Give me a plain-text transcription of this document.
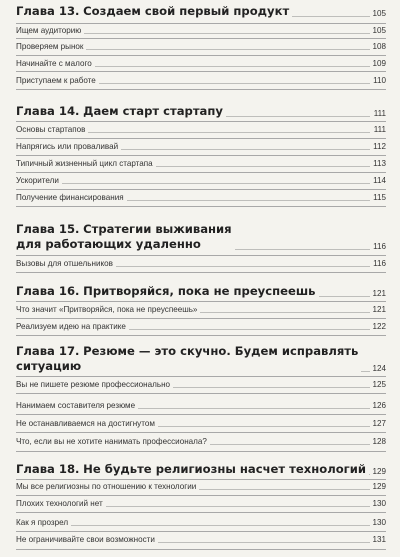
Глава 13. Создаем свой первый продукт	105
Ищем аудиторию	105
Проверяем рынок	108
Начинайте с малого	109
Приступаем к работе	110
Глава 14. Даем старт стартапу	111
Основы стартапов	111
Напрягись или проваливай	112
Типичный жизненный цикл стартапа	113
Ускорители	114
Получение финансирования	115
Глава 15. Стратегии выживания
для работающих удаленно	116
Вызовы для отшельников	116
Глава 16. Притворяйся, пока не преуспеешь	121
Что значит «Притворяйся, пока не преуспеешь»	121
Реализуем идею на практике	122
Глава 17. Резюме — это скучно. Будем исправлять
ситуацию	124
Вы не пишете резюме профессионально	125
Нанимаем составителя резюме	126
Не останавливаемся на достигнутом	127
Что, если вы не хотите нанимать профессионала?	128
Глава 18. Не будьте религиозны насчет технологий 129
Мы все религиозны по отношению к технологии	129
Плохих технологий нет	130
Как я прозрел	130
Не ограничивайте свои возможности	131
